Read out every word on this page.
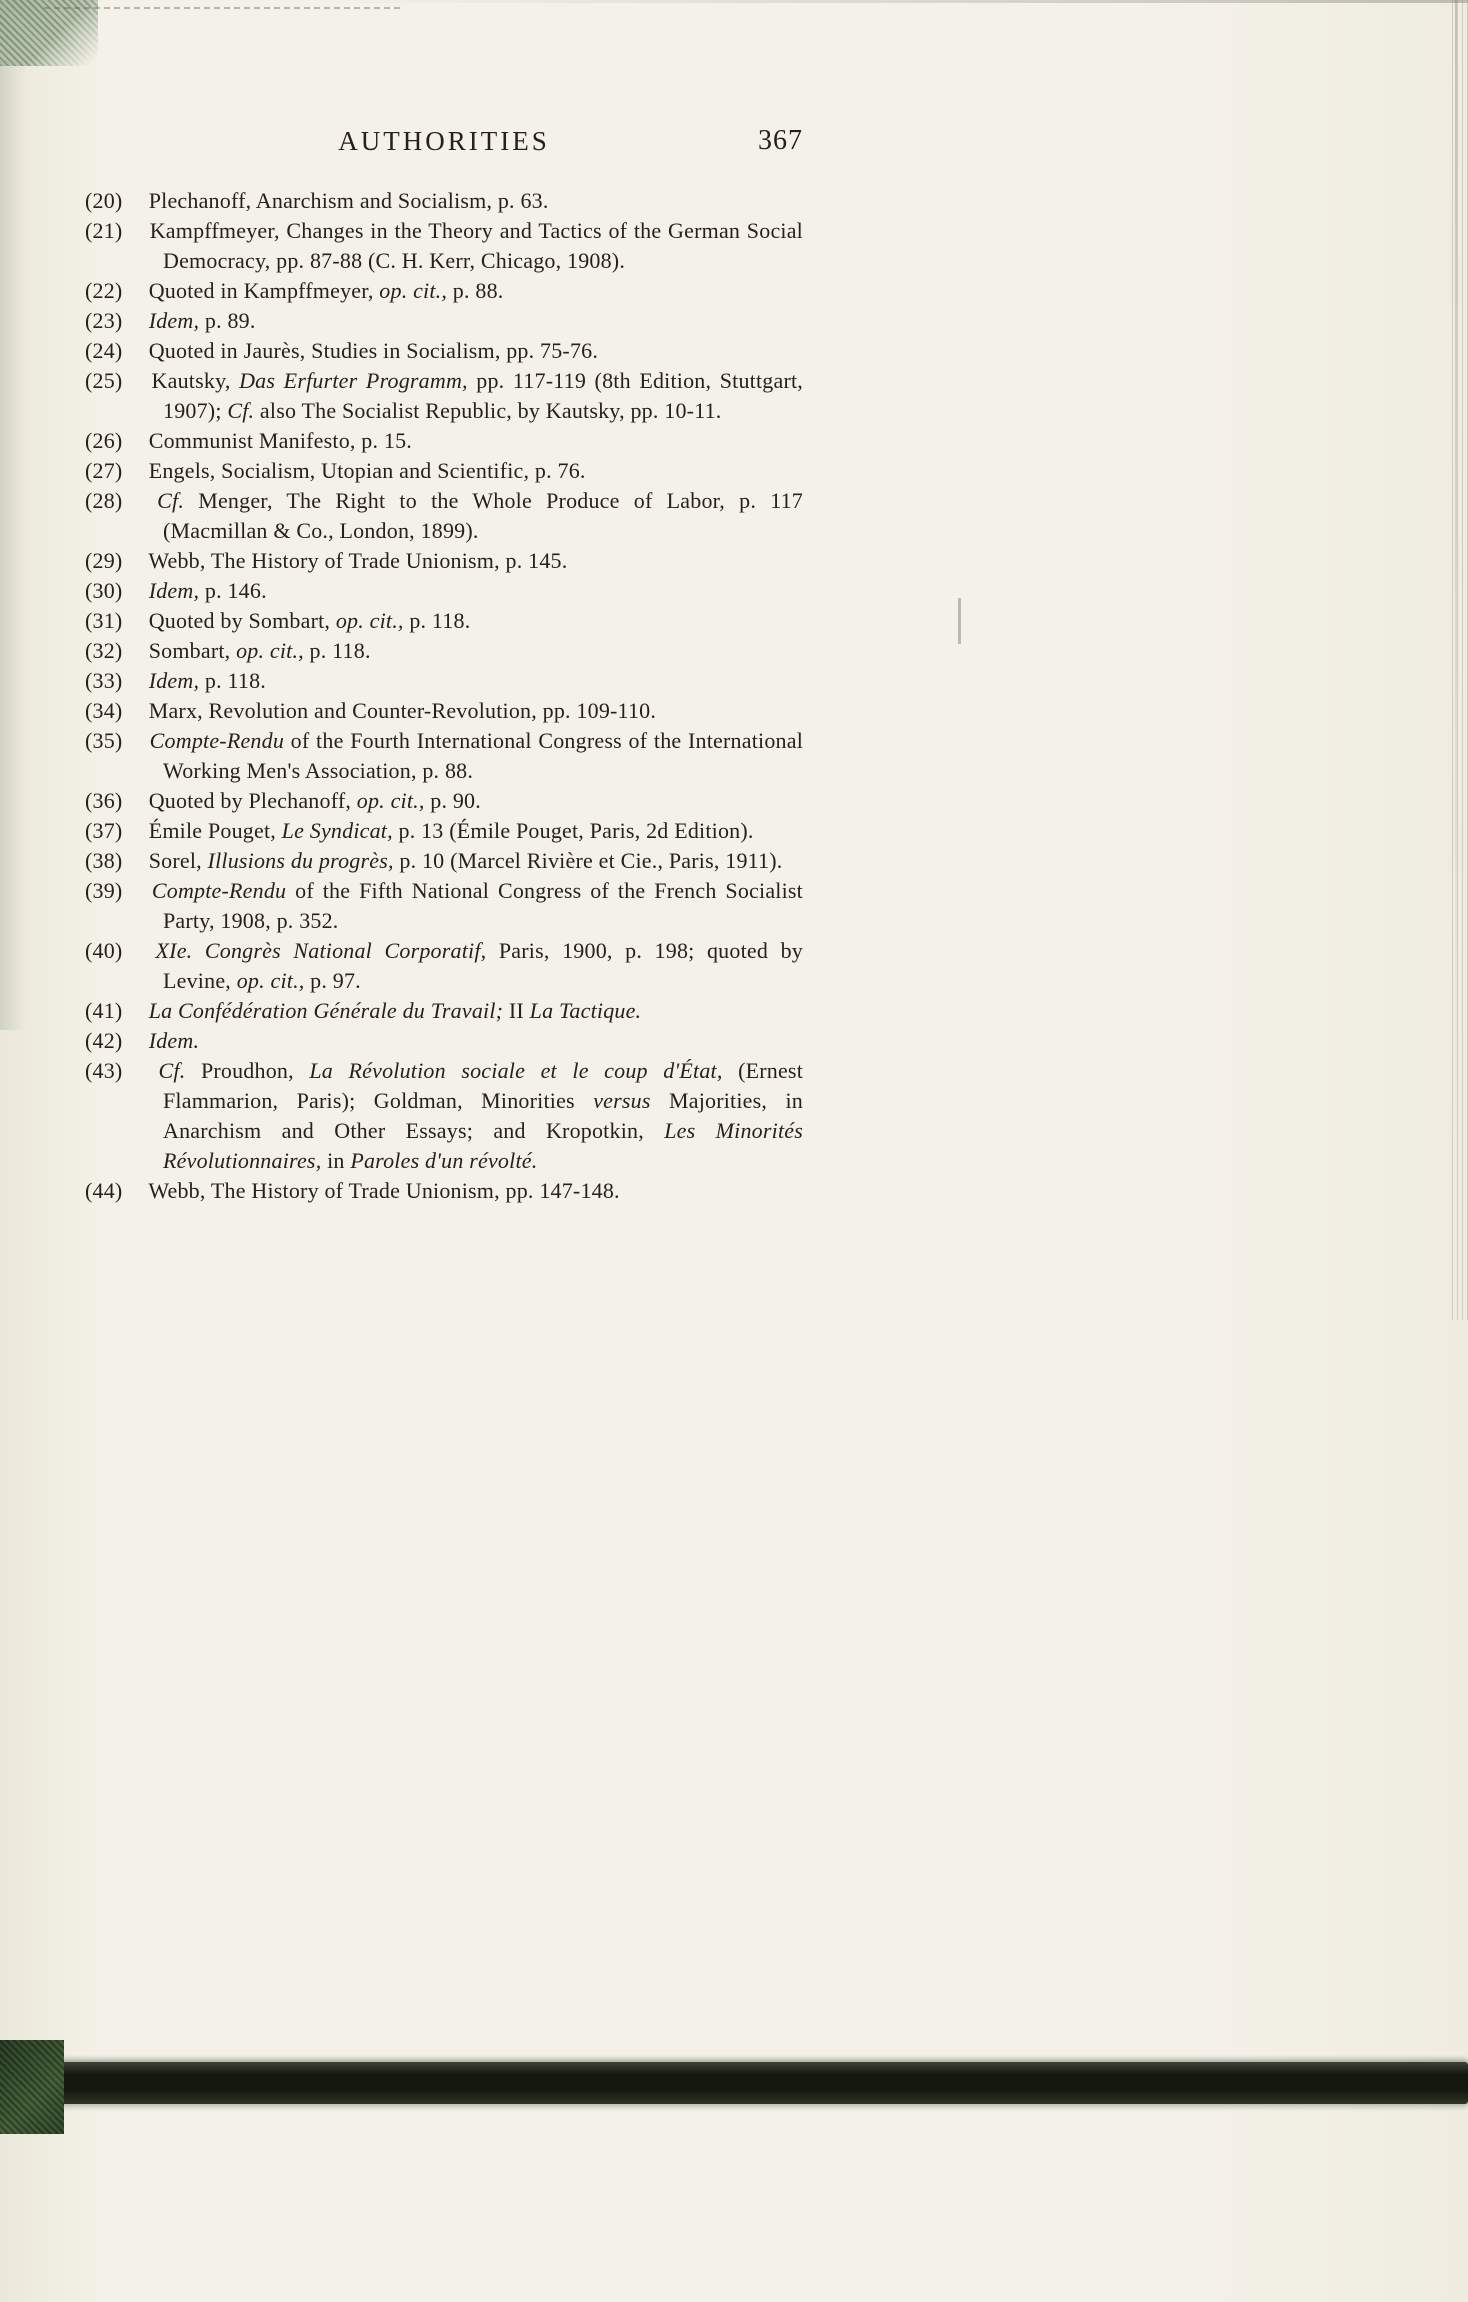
AUTHORITIES	367
(20) Plechanoff, Anarchism and Socialism, p. 63.
(21) Kampffmeyer, Changes in the Theory and Tactics of the German Social Democracy, pp. 87-88 (C. H. Kerr, Chicago, 1908).
(22) Quoted in Kampffmeyer, op. cit., p. 88.
(23) Idem, p. 89.
(24) Quoted in Jaurès, Studies in Socialism, pp. 75-76.
(25) Kautsky, Das Erfurter Programm, pp. 117-119 (8th Edition, Stuttgart, 1907); Cf. also The Socialist Republic, by Kautsky, pp. 10-11.
(26) Communist Manifesto, p. 15.
(27) Engels, Socialism, Utopian and Scientific, p. 76.
(28) Cf. Menger, The Right to the Whole Produce of Labor, p. 117 (Macmillan & Co., London, 1899).
(29) Webb, The History of Trade Unionism, p. 145.
(30) Idem, p. 146.
(31) Quoted by Sombart, op. cit., p. 118.
(32) Sombart, op. cit., p. 118.
(33) Idem, p. 118.
(34) Marx, Revolution and Counter-Revolution, pp. 109-110.
(35) Compte-Rendu of the Fourth International Congress of the International Working Men's Association, p. 88.
(36) Quoted by Plechanoff, op. cit., p. 90.
(37) Émile Pouget, Le Syndicat, p. 13 (Émile Pouget, Paris, 2d Edition).
(38) Sorel, Illusions du progrès, p. 10 (Marcel Rivière et Cie., Paris, 1911).
(39) Compte-Rendu of the Fifth National Congress of the French Socialist Party, 1908, p. 352.
(40) XIe. Congrès National Corporatif, Paris, 1900, p. 198; quoted by Levine, op. cit., p. 97.
(41) La Confédération Générale du Travail; II La Tactique.
(42) Idem.
(43) Cf. Proudhon, La Révolution sociale et le coup d'État, (Ernest Flammarion, Paris); Goldman, Minorities versus Majorities, in Anarchism and Other Essays; and Kropotkin, Les Minorités Révolutionnaires, in Paroles d'un révolté.
(44) Webb, The History of Trade Unionism, pp. 147-148.
